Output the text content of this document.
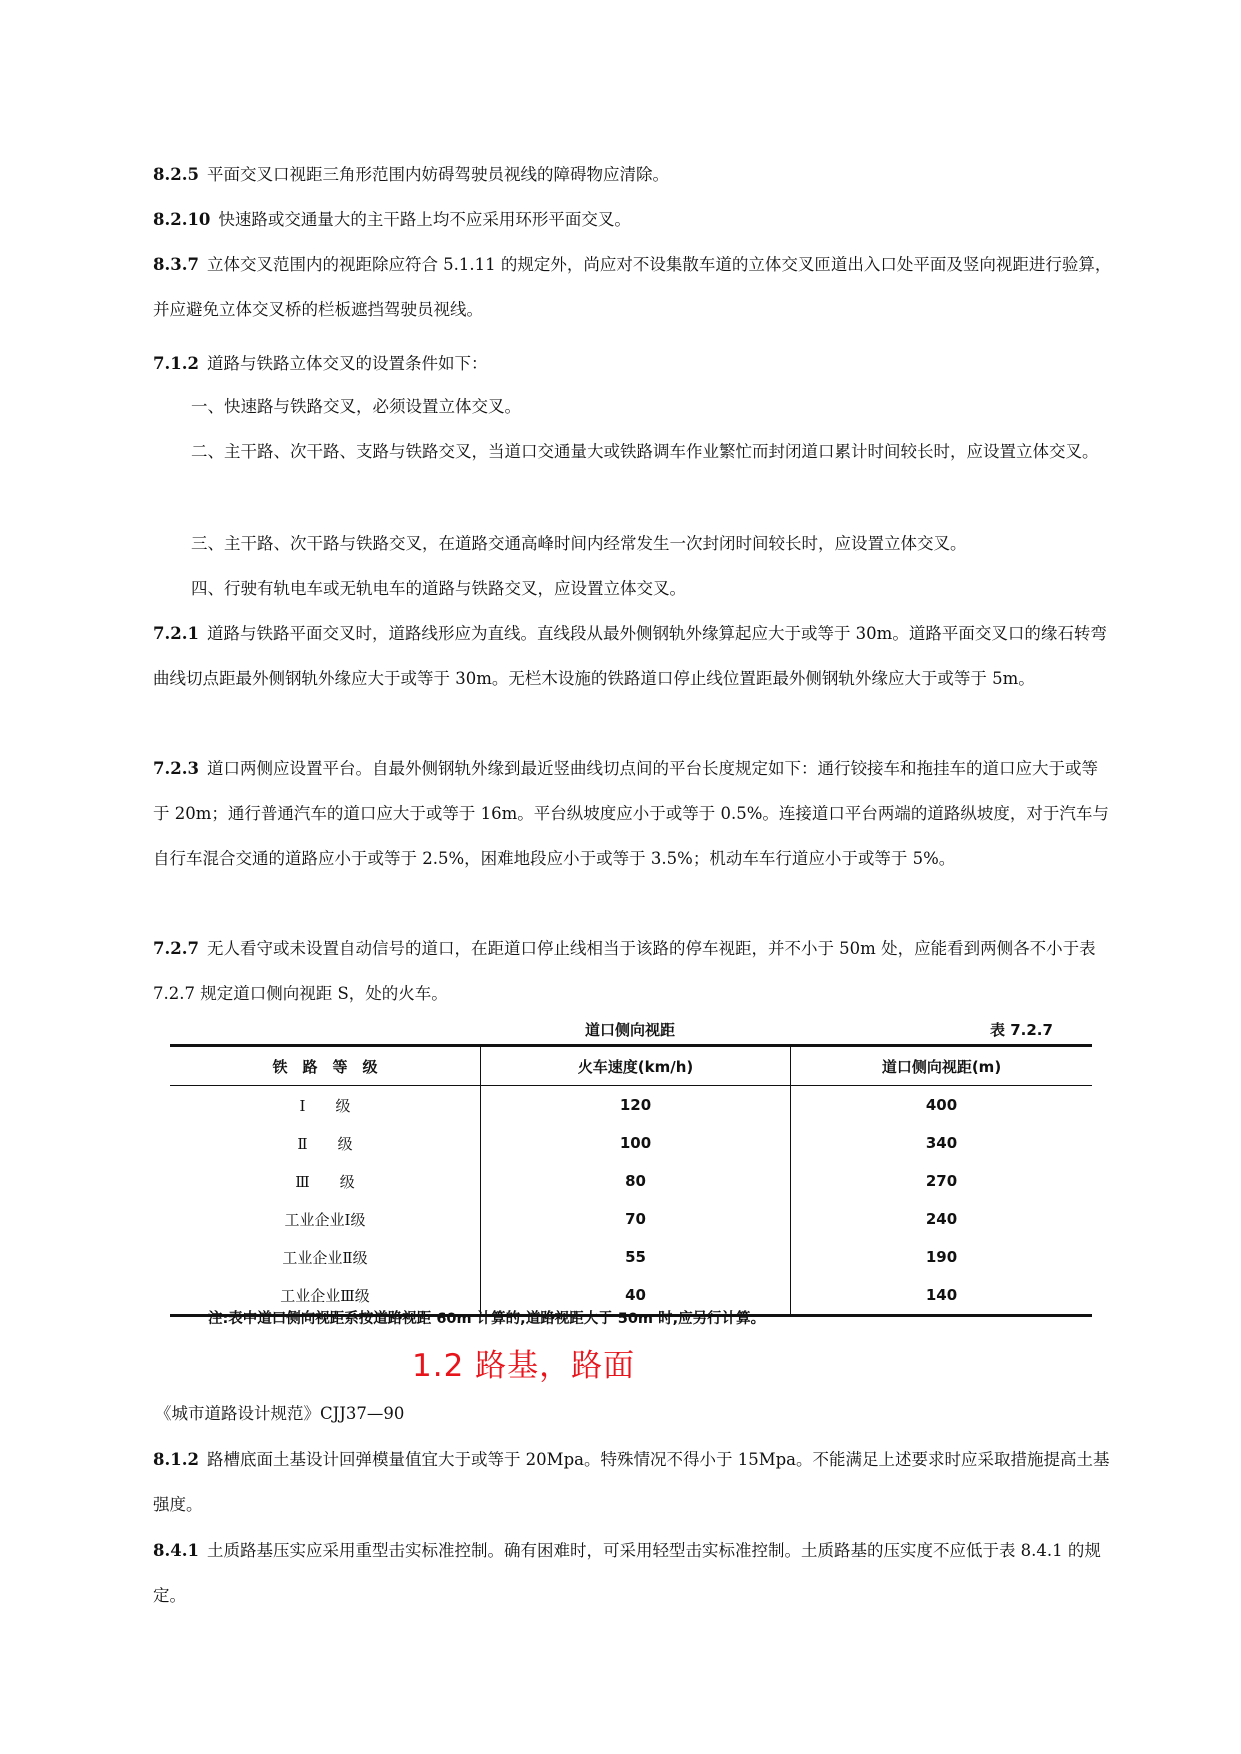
8.2.5 平面交叉口视距三角形范围内妨碍驾驶员视线的障碍物应清除。

8.2.10 快速路或交通量大的主干路上均不应采用环形平面交叉。

8.3.7 立体交叉范围内的视距除应符合 5.1.11 的规定外，尚应对不设集散车道的立体交叉匝道出入口处平面及竖向视距进行验算，并应避免立体交叉桥的栏板遮挡驾驶员视线。

7.1.2 道路与铁路立体交叉的设置条件如下：

一、快速路与铁路交叉，必须设置立体交叉。

二、主干路、次干路、支路与铁路交叉，当道口交通量大或铁路调车作业繁忙而封闭道口累计时间较长时，应设置立体交叉。

三、主干路、次干路与铁路交叉，在道路交通高峰时间内经常发生一次封闭时间较长时，应设置立体交叉。

四、行驶有轨电车或无轨电车的道路与铁路交叉，应设置立体交叉。

7.2.1 道路与铁路平面交叉时，道路线形应为直线。直线段从最外侧钢轨外缘算起应大于或等于 30m。道路平面交叉口的缘石转弯曲线切点距最外侧钢轨外缘应大于或等于 30m。无栏木设施的铁路道口停止线位置距最外侧钢轨外缘应大于或等于 5m。

7.2.3 道口两侧应设置平台。自最外侧钢轨外缘到最近竖曲线切点间的平台长度规定如下：通行铰接车和拖挂车的道口应大于或等于 20m；通行普通汽车的道口应大于或等于 16m。平台纵坡度应小于或等于 0.5%。连接道口平台两端的道路纵坡度，对于汽车与自行车混合交通的道路应小于或等于 2.5%，困难地段应小于或等于 3.5%；机动车车行道应小于或等于 5%。

7.2.7 无人看守或未设置自动信号的道口，在距道口停止线相当于该路的停车视距，并不小于 50m 处，应能看到两侧各不小于表 7.2.7 规定道口侧向视距 S，处的火车。

道口侧向视距	表 7.2.7
铁　路　等　级	火车速度(km/h)	道口侧向视距(m)
Ⅰ　　级	120	400
Ⅱ　　级	100	340
Ⅲ　　级	80	270
工业企业Ⅰ级	70	240
工业企业Ⅱ级	55	190
工业企业Ⅲ级	40	140
注:表中道口侧向视距系按道路视距 60m 计算的,道路视距大于 50m 时,应另行计算。
1.2 路基，路面
《城市道路设计规范》CJJ37—90

8.1.2 路槽底面土基设计回弹模量值宜大于或等于 20Mpa。特殊情况不得小于 15Mpa。不能满足上述要求时应采取措施提高土基强度。

8.4.1 土质路基压实应采用重型击实标准控制。确有困难时，可采用轻型击实标准控制。土质路基的压实度不应低于表 8.4.1 的规定。
